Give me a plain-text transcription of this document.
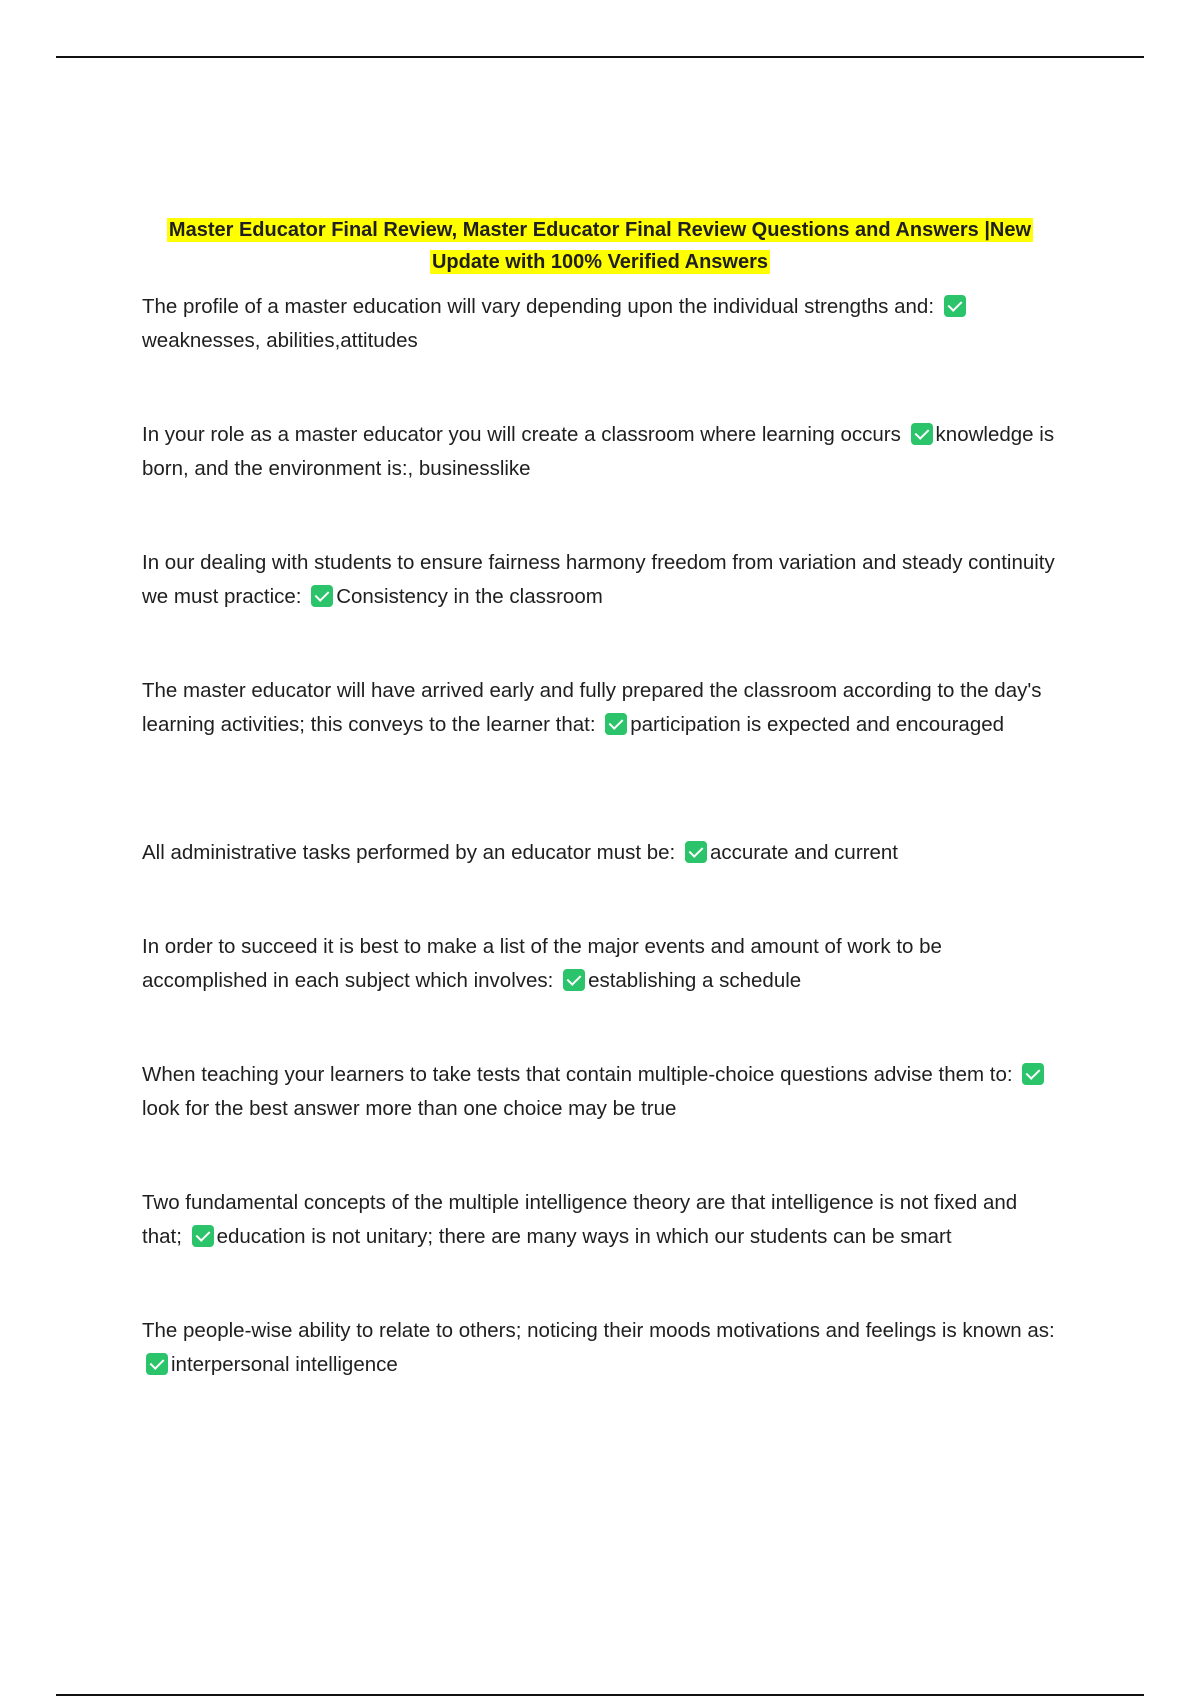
Master Educator Final Review, Master Educator Final Review Questions and Answers |New Update with 100% Verified Answers

The profile of a master education will vary depending upon the individual strengths and: weaknesses, abilities,attitudes

In your role as a master educator you will create a classroom where learning occurs knowledge is born, and the environment is:, businesslike

In our dealing with students to ensure fairness harmony freedom from variation and steady continuity we must practice: Consistency in the classroom

The master educator will have arrived early and fully prepared the classroom according to the day's learning activities; this conveys to the learner that: participation is expected and encouraged

All administrative tasks performed by an educator must be: accurate and current

In order to succeed it is best to make a list of the major events and amount of work to be accomplished in each subject which involves: establishing a schedule

When teaching your learners to take tests that contain multiple-choice questions advise them to: look for the best answer more than one choice may be true

Two fundamental concepts of the multiple intelligence theory are that intelligence is not fixed and that; education is not unitary; there are many ways in which our students can be smart

The people-wise ability to relate to others; noticing their moods motivations and feelings is known as: interpersonal intelligence
